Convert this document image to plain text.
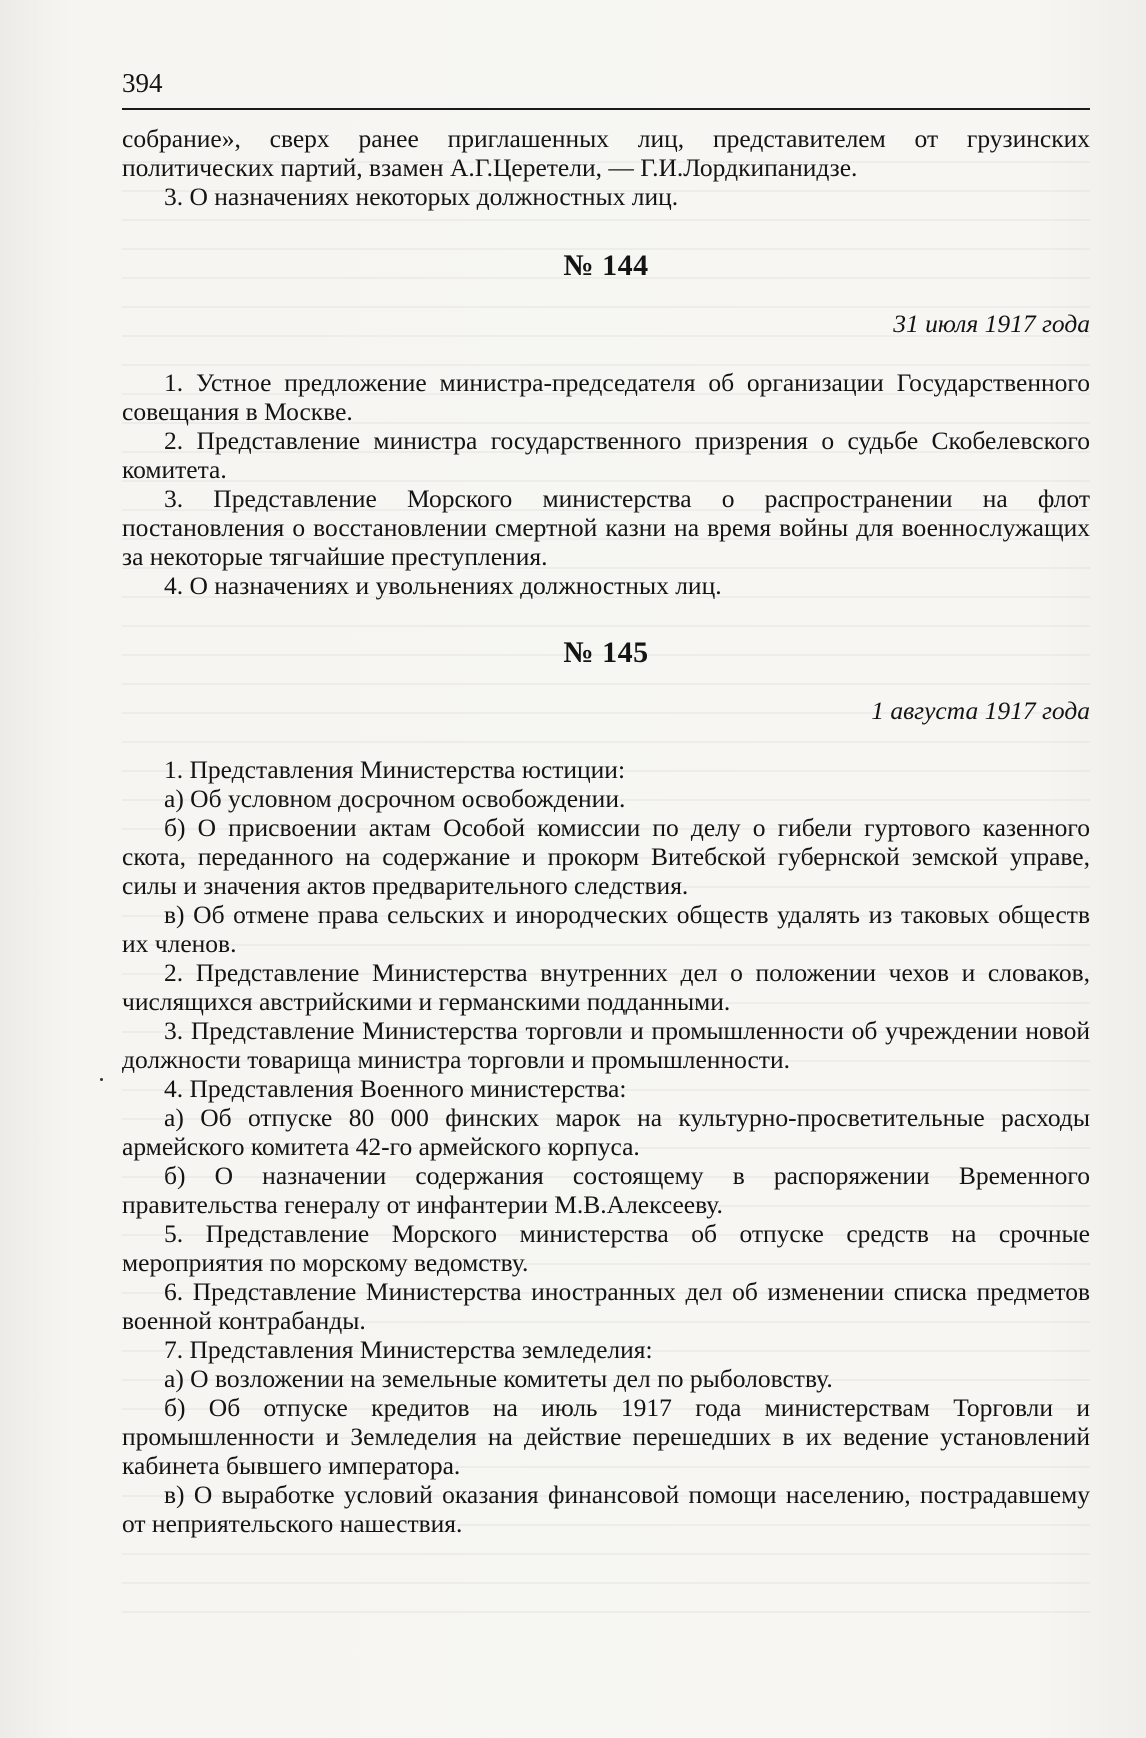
394

собрание», сверх ранее приглашенных лиц, представителем от грузинских политических партий, взамен А.Г.Церетели, — Г.И.Лордкипанидзе.

3. О назначениях некоторых должностных лиц.

№ 144

31 июля 1917 года

1. Устное предложение министра-председателя об организации Государственного совещания в Москве.

2. Представление министра государственного призрения о судьбе Скобелевского комитета.

3. Представление Морского министерства о распространении на флот постановления о восстановлении смертной казни на время войны для военнослужащих за некоторые тягчайшие преступления.

4. О назначениях и увольнениях должностных лиц.

№ 145

1 августа 1917 года

1. Представления Министерства юстиции:

а) Об условном досрочном освобождении.

б) О присвоении актам Особой комиссии по делу о гибели гуртового казенного скота, переданного на содержание и прокорм Витебской губернской земской управе, силы и значения актов предварительного следствия.

в) Об отмене права сельских и инородческих обществ удалять из таковых обществ их членов.

2. Представление Министерства внутренних дел о положении чехов и словаков, числящихся австрийскими и германскими подданными.

3. Представление Министерства торговли и промышленности об учреждении новой должности товарища министра торговли и промышленности.

4. Представления Военного министерства:

а) Об отпуске 80 000 финских марок на культурно-просветительные расходы армейского комитета 42-го армейского корпуса.

б) О назначении содержания состоящему в распоряжении Временного правительства генералу от инфантерии М.В.Алексееву.

5. Представление Морского министерства об отпуске средств на срочные мероприятия по морскому ведомству.

6. Представление Министерства иностранных дел об изменении списка предметов военной контрабанды.

7. Представления Министерства земледелия:

а) О возложении на земельные комитеты дел по рыболовству.

б) Об отпуске кредитов на июль 1917 года министерствам Торговли и промышленности и Земледелия на действие перешедших в их ведение установлений кабинета бывшего императора.

в) О выработке условий оказания финансовой помощи населению, пострадавшему от неприятельского нашествия.
